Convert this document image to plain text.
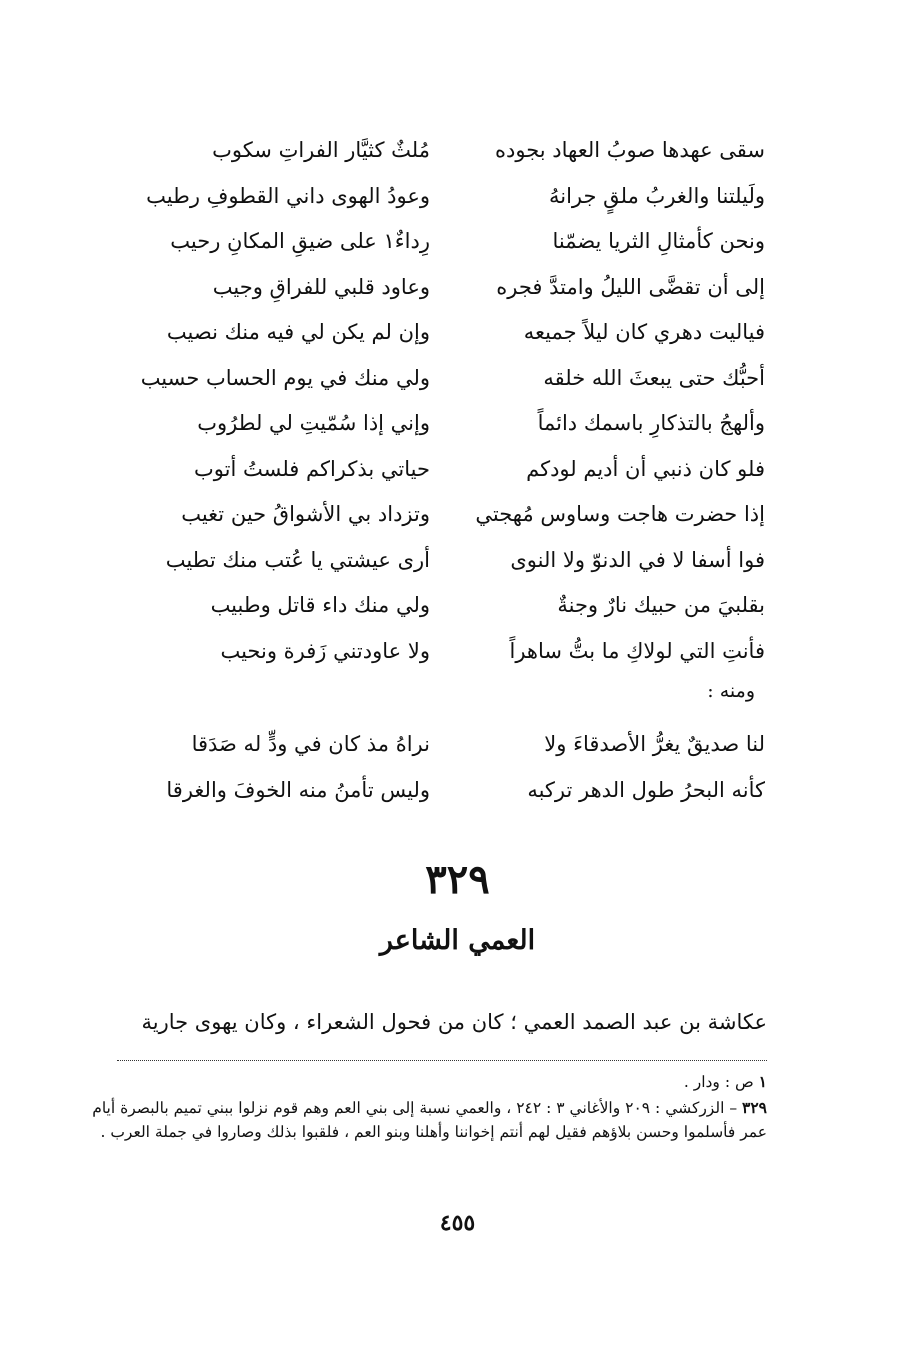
سقى عهدها صوبُ العهاد بجوده
مُلثٌ كثيَّار الفراتِ سكوب
ولَيلتنا والغربُ ملقٍ جرانهُ
وعودُ الهوى داني القطوفِ رطيب
ونحن كأمثالِ الثريا يضمّنا
رِداءٌ١ على ضيقِ المكانِ رحيب
إلى أن تقضَّى الليلُ وامتدَّ فجره
وعاود قلبي للفراقِ وجيب
فياليت دهري كان ليلاً جميعه
وإن لم يكن لي فيه منك نصيب
أحبُّك حتى يبعثَ الله خلقه
ولي منك في يوم الحساب حسيب
وألهجُ بالتذكارِ باسمك دائماً
وإني إذا سُمّيتِ لي لطرُوب
فلو كان ذنبي أن أديم لودكم
حياتي بذكراكم فلستُ أتوب
إذا حضرت هاجت وساوس مُهجتي
وتزداد بي الأشواقُ حين تغيب
فوا أسفا لا في الدنوّ ولا النوى
أرى عيشتي يا عُتب منك تطيب
بقلبيَ من حبيك نارٌ وجنةٌ
ولي منك داء قاتل وطبيب
فأنتِ التي لولاكِ ما بتُّ ساهراً
ولا عاودتني زَفرة ونحيب
ومنه :
لنا صديقٌ يغرُّ الأصدقاءَ ولا
نراهُ مذ كان في ودٍّ له صَدَقا
كأنه البحرُ طول الدهر تركبه
وليس تأمنُ منه الخوفَ والغرقا
٣٢٩
العمي الشاعر
عكاشة بن عبد الصمد العمي ؛ كان من فحول الشعراء ، وكان يهوى جارية

١ ص : ودار .

٣٢٩ – الزركشي : ٢٠٩ والأغاني ٣ : ٢٤٢ ، والعمي نسبة إلى بني العم وهم قوم نزلوا ببني تميم بالبصرة أيام عمر فأسلموا وحسن بلاؤهم فقيل لهم أنتم إخواننا وأهلنا وبنو العم ، فلقبوا بذلك وصاروا في جملة العرب .

٤٥٥
